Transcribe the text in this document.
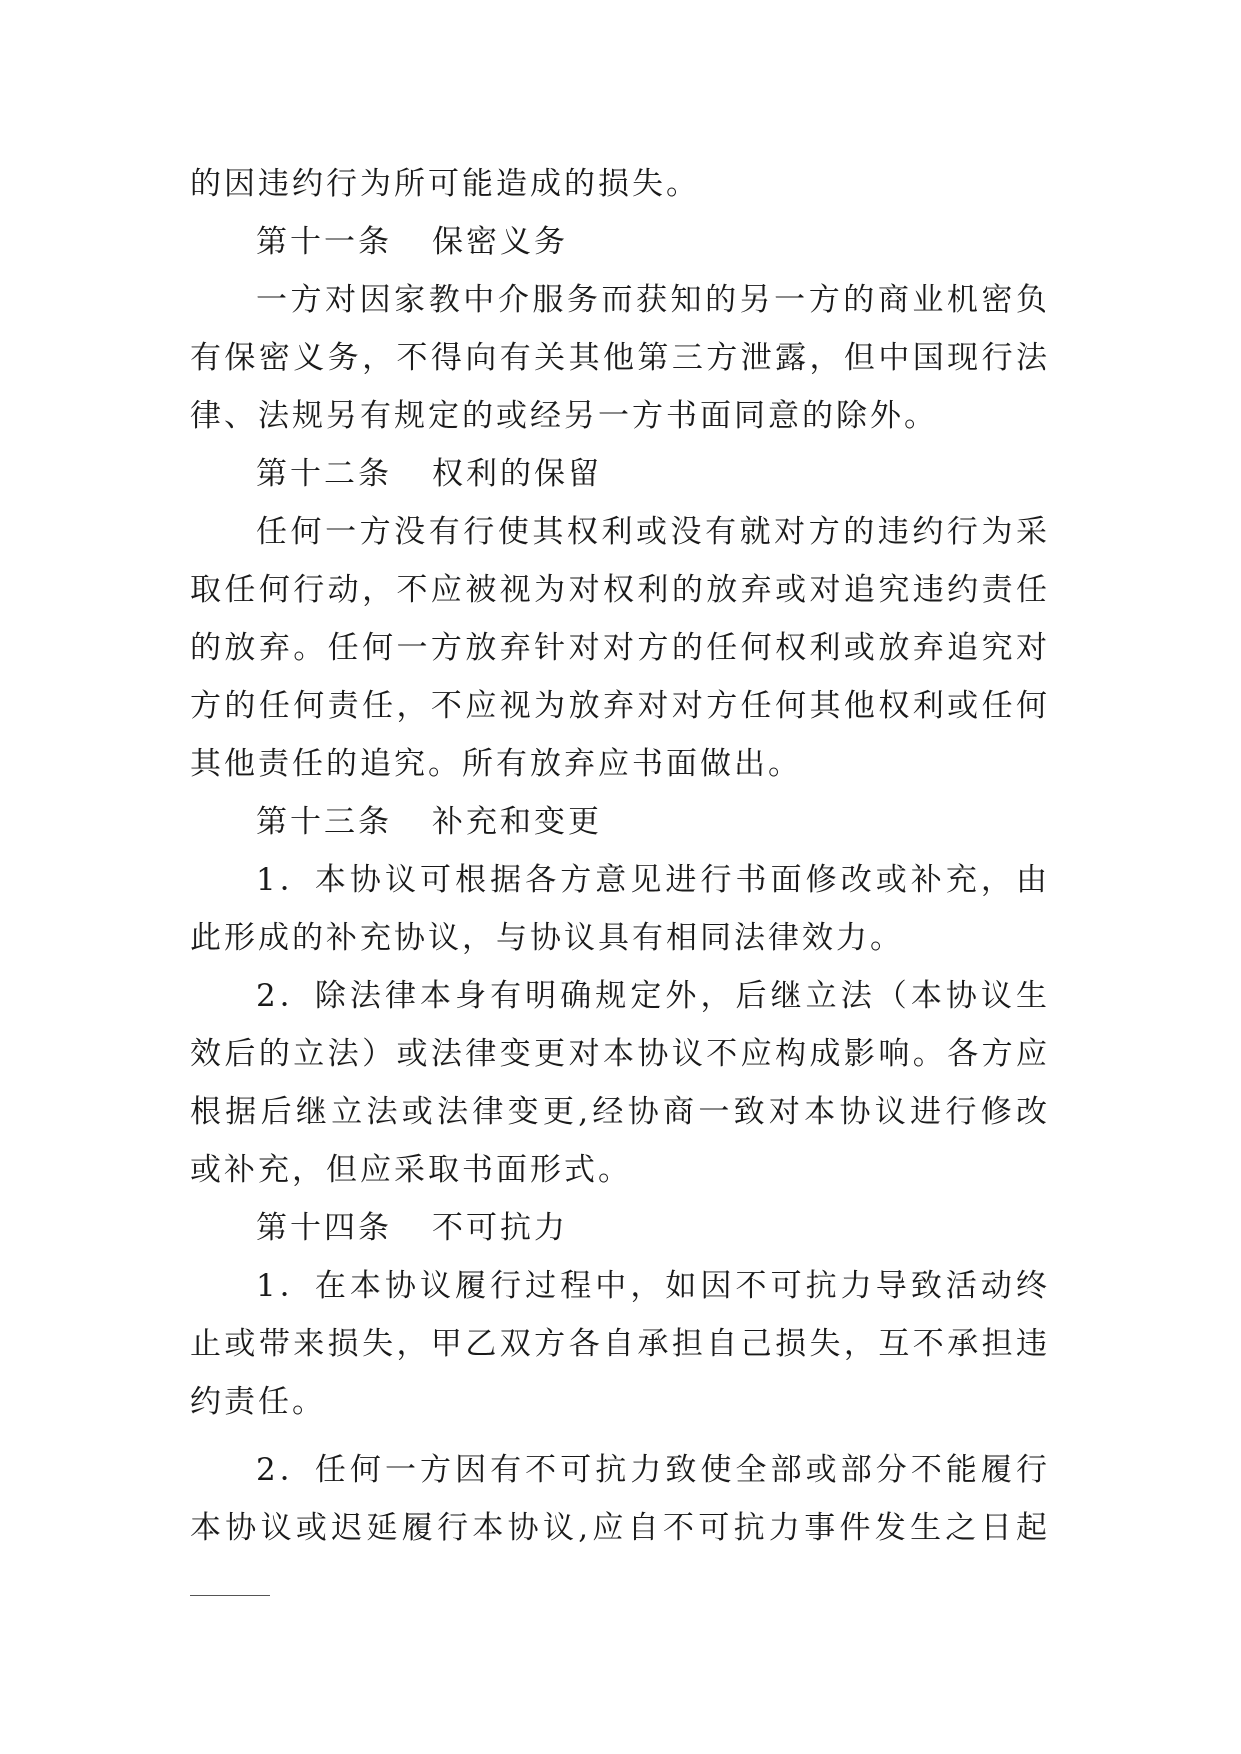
的因违约行为所可能造成的损失。

第十一条 保密义务

一方对因家教中介服务而获知的另一方的商业机密负有保密义务，不得向有关其他第三方泄露，但中国现行法律、法规另有规定的或经另一方书面同意的除外。

第十二条 权利的保留

任何一方没有行使其权利或没有就对方的违约行为采取任何行动，不应被视为对权利的放弃或对追究违约责任的放弃。任何一方放弃针对对方的任何权利或放弃追究对方的任何责任，不应视为放弃对对方任何其他权利或任何其他责任的追究。所有放弃应书面做出。

第十三条 补充和变更

1．本协议可根据各方意见进行书面修改或补充，由此形成的补充协议，与协议具有相同法律效力。

2．除法律本身有明确规定外，后继立法（本协议生效后的立法）或法律变更对本协议不应构成影响。各方应根据后继立法或法律变更,经协商一致对本协议进行修改或补充，但应采取书面形式。

第十四条 不可抗力

1．在本协议履行过程中，如因不可抗力导致活动终止或带来损失，甲乙双方各自承担自己损失，互不承担违约责任。

2．任何一方因有不可抗力致使全部或部分不能履行本协议或迟延履行本协议,应自不可抗力事件发生之日起
